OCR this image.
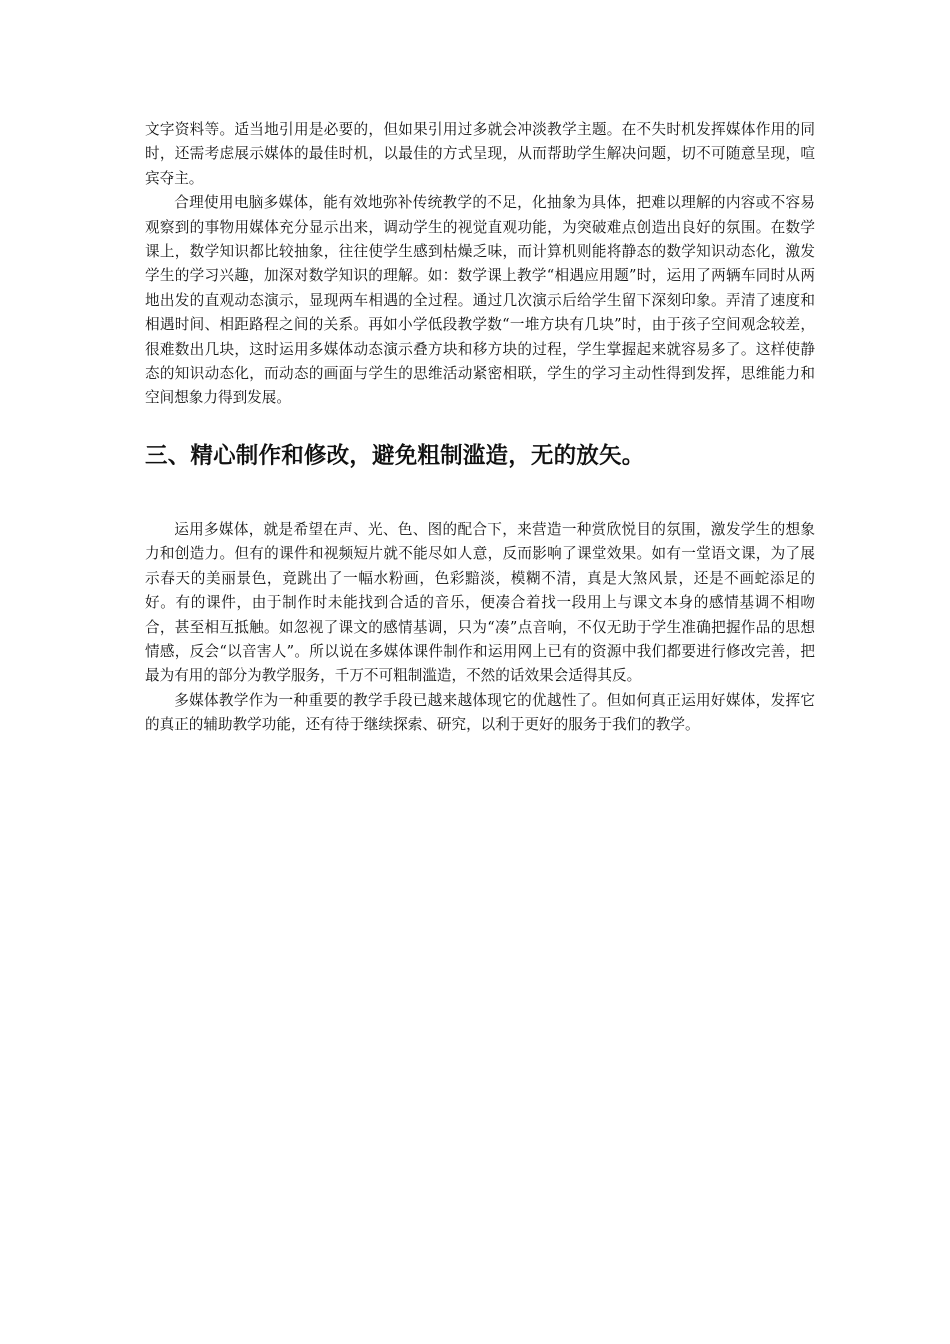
文字资料等。适当地引用是必要的，但如果引用过多就会冲淡教学主题。在不失时机发挥媒体作用的同时，还需考虑展示媒体的最佳时机，以最佳的方式呈现，从而帮助学生解决问题，切不可随意呈现，喧宾夺主。

合理使用电脑多媒体，能有效地弥补传统教学的不足，化抽象为具体，把难以理解的内容或不容易观察到的事物用媒体充分显示出来，调动学生的视觉直观功能，为突破难点创造出良好的氛围。在数学课上，数学知识都比较抽象，往往使学生感到枯燥乏味，而计算机则能将静态的数学知识动态化，激发学生的学习兴趣，加深对数学知识的理解。如：数学课上教学“相遇应用题”时，运用了两辆车同时从两地出发的直观动态演示，显现两车相遇的全过程。通过几次演示后给学生留下深刻印象。弄清了速度和相遇时间、相距路程之间的关系。再如小学低段教学数“一堆方块有几块”时，由于孩子空间观念较差，很难数出几块，这时运用多媒体动态演示叠方块和移方块的过程，学生掌握起来就容易多了。这样使静态的知识动态化，而动态的画面与学生的思维活动紧密相联，学生的学习主动性得到发挥，思维能力和空间想象力得到发展。

三、精心制作和修改，避免粗制滥造，无的放矢。

运用多媒体，就是希望在声、光、色、图的配合下，来营造一种赏欣悦目的氛围，激发学生的想象力和创造力。但有的课件和视频短片就不能尽如人意，反而影响了课堂效果。如有一堂语文课，为了展示春天的美丽景色，竟跳出了一幅水粉画，色彩黯淡，模糊不清，真是大煞风景，还是不画蛇添足的好。有的课件，由于制作时未能找到合适的音乐，便凑合着找一段用上与课文本身的感情基调不相吻合，甚至相互抵触。如忽视了课文的感情基调，只为“凑”点音响，不仅无助于学生准确把握作品的思想情感，反会“以音害人”。所以说在多媒体课件制作和运用网上已有的资源中我们都要进行修改完善，把最为有用的部分为教学服务，千万不可粗制滥造，不然的话效果会适得其反。

多媒体教学作为一种重要的教学手段已越来越体现它的优越性了。但如何真正运用好媒体，发挥它的真正的辅助教学功能，还有待于继续探索、研究，以利于更好的服务于我们的教学。
